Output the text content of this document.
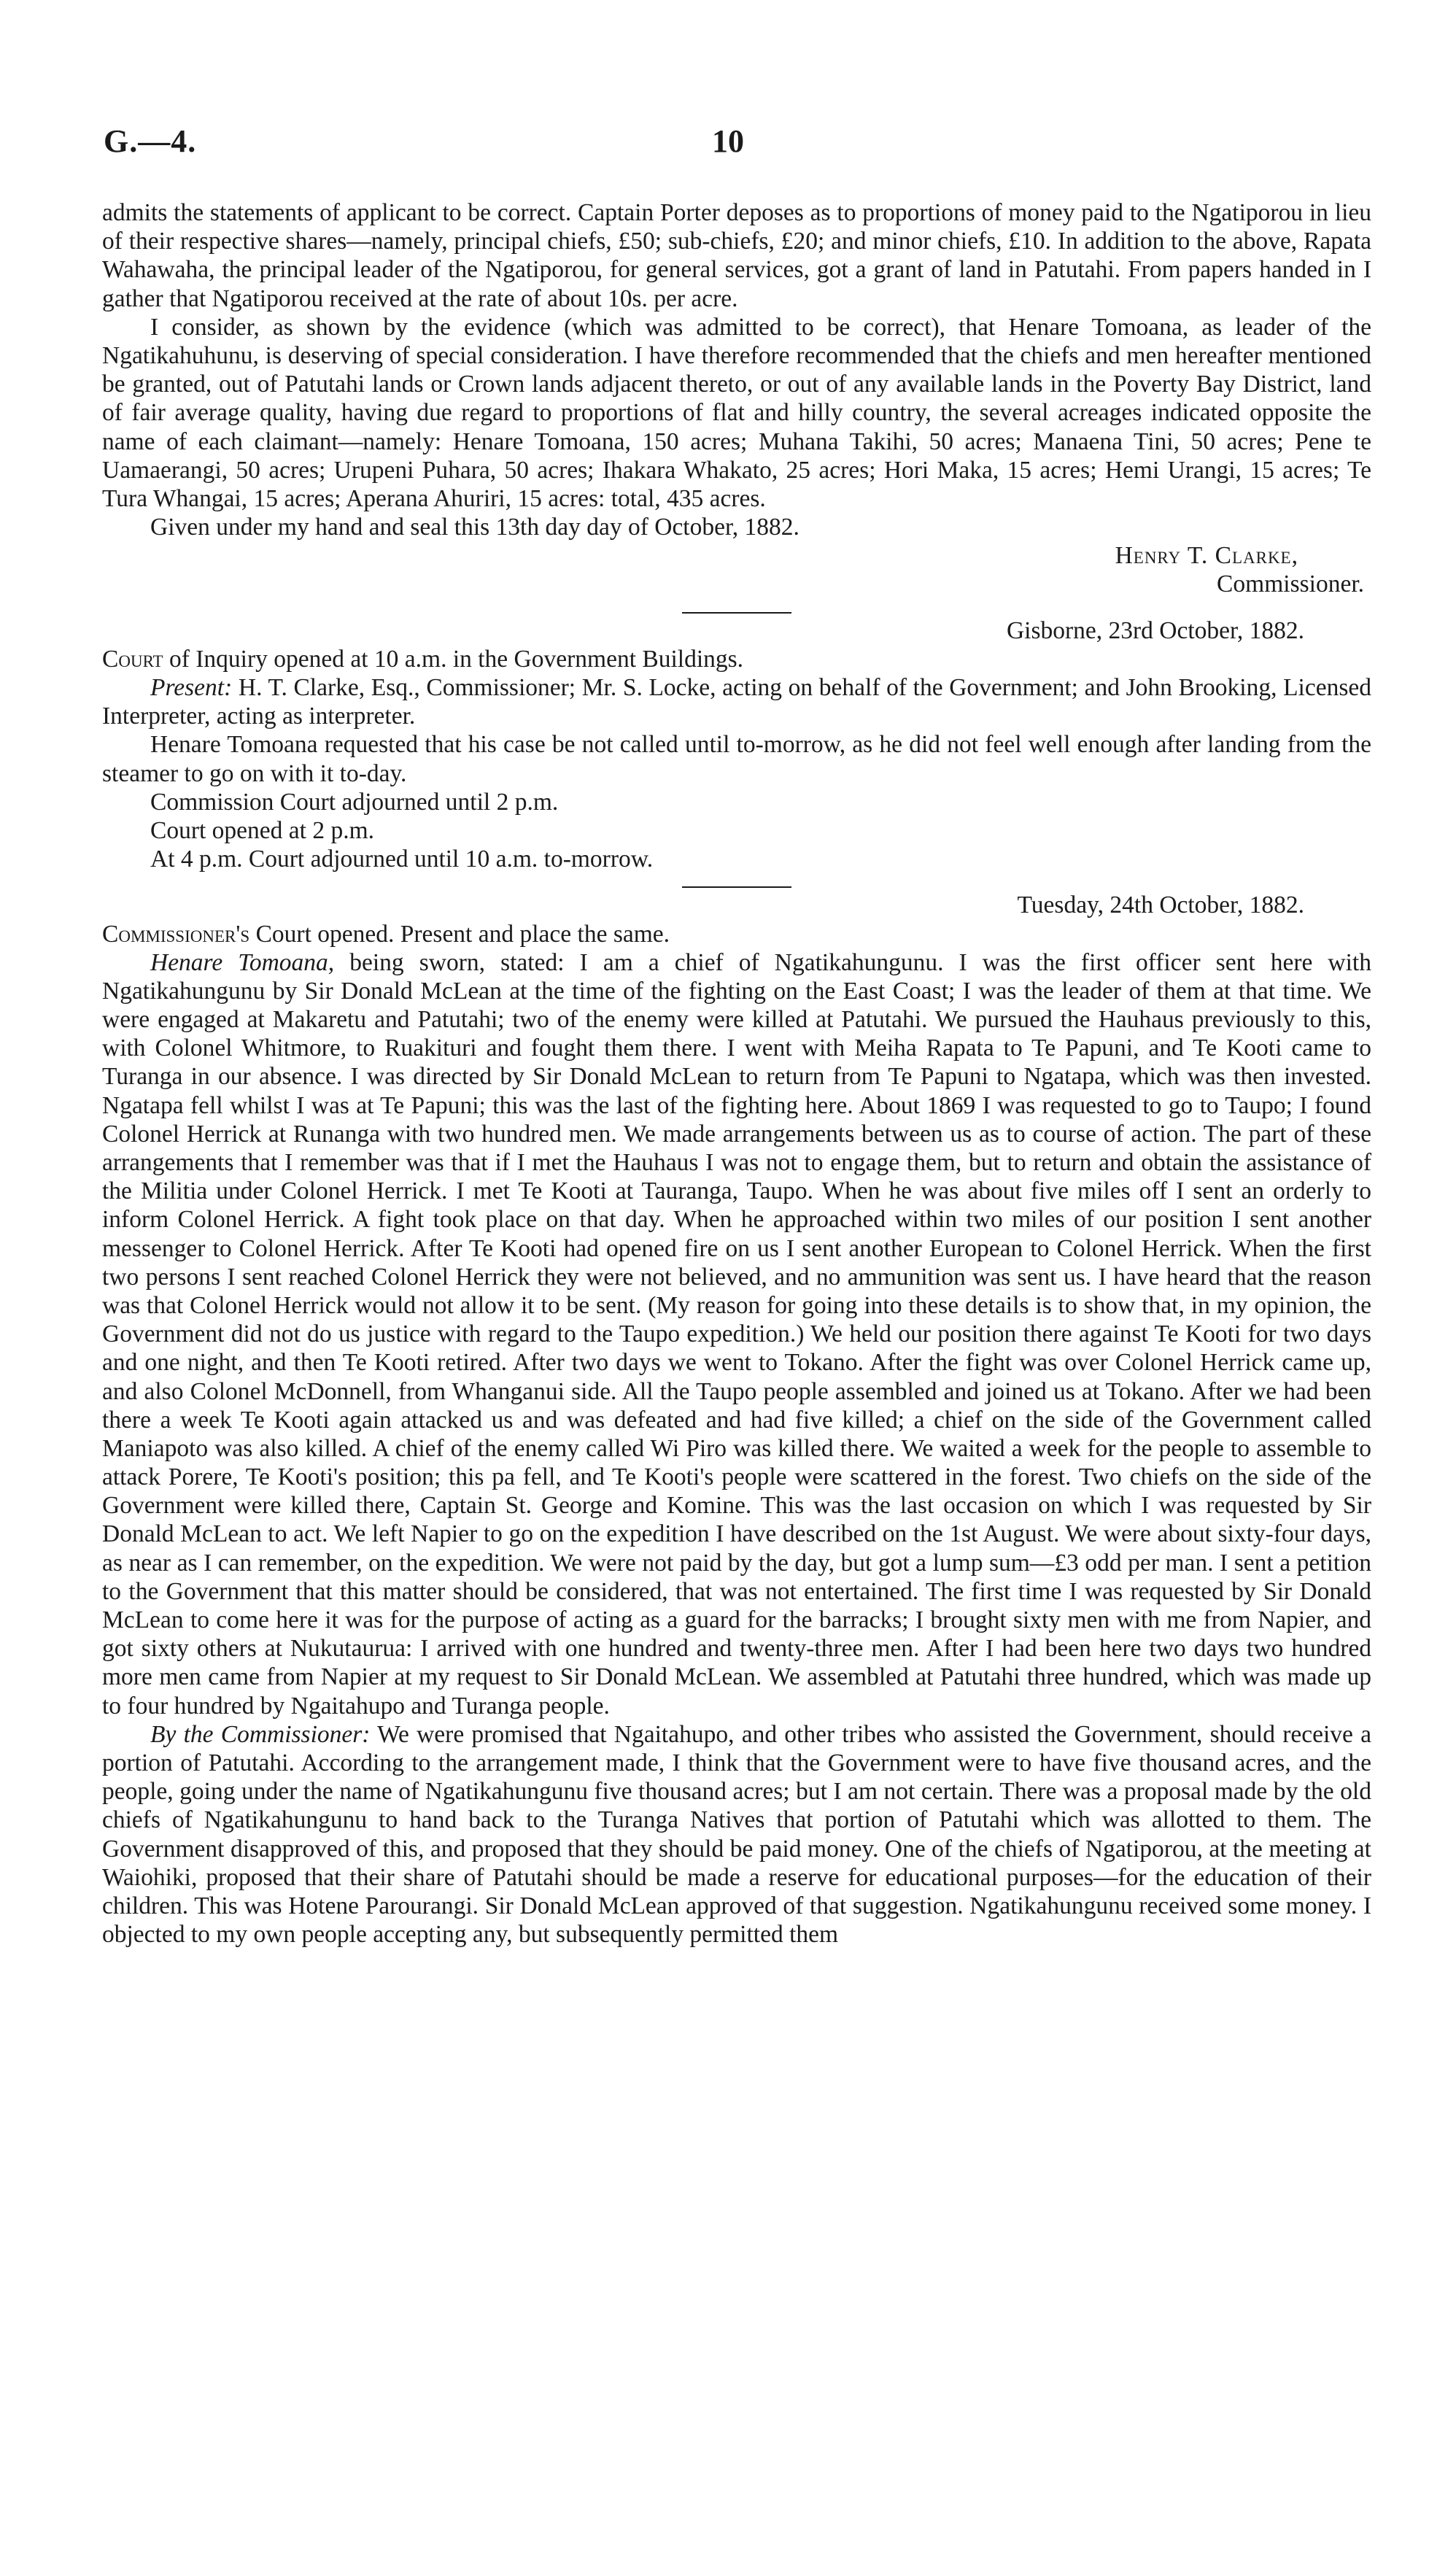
G.—4.	10

admits the statements of applicant to be correct. Captain Porter deposes as to proportions of money paid to the Ngatiporou in lieu of their respective shares—namely, principal chiefs, £50; sub-chiefs, £20; and minor chiefs, £10. In addition to the above, Rapata Wahawaha, the principal leader of the Ngatiporou, for general services, got a grant of land in Patutahi. From papers handed in I gather that Ngatiporou received at the rate of about 10s. per acre.

I consider, as shown by the evidence (which was admitted to be correct), that Henare Tomoana, as leader of the Ngatikahuhunu, is deserving of special consideration. I have therefore recommended that the chiefs and men hereafter mentioned be granted, out of Patutahi lands or Crown lands adjacent thereto, or out of any available lands in the Poverty Bay District, land of fair average quality, having due regard to proportions of flat and hilly country, the several acreages indicated opposite the name of each claimant—namely: Henare Tomoana, 150 acres; Muhana Takihi, 50 acres; Manaena Tini, 50 acres; Pene te Uamaerangi, 50 acres; Urupeni Puhara, 50 acres; Ihakara Whakato, 25 acres; Hori Maka, 15 acres; Hemi Urangi, 15 acres; Te Tura Whangai, 15 acres; Aperana Ahuriri, 15 acres: total, 435 acres.

Given under my hand and seal this 13th day day of October, 1882.

Henry T. Clarke,

Commissioner.

Gisborne, 23rd October, 1882.

Court of Inquiry opened at 10 a.m. in the Government Buildings.

Present: H. T. Clarke, Esq., Commissioner; Mr. S. Locke, acting on behalf of the Government; and John Brooking, Licensed Interpreter, acting as interpreter.

Henare Tomoana requested that his case be not called until to-morrow, as he did not feel well enough after landing from the steamer to go on with it to-day.

Commission Court adjourned until 2 p.m.

Court opened at 2 p.m.

At 4 p.m. Court adjourned until 10 a.m. to-morrow.

Tuesday, 24th October, 1882.

Commissioner's Court opened. Present and place the same.

Henare Tomoana, being sworn, stated: I am a chief of Ngatikahungunu. I was the first officer sent here with Ngatikahungunu by Sir Donald McLean at the time of the fighting on the East Coast; I was the leader of them at that time. We were engaged at Makaretu and Patutahi; two of the enemy were killed at Patutahi. We pursued the Hauhaus previously to this, with Colonel Whitmore, to Ruakituri and fought them there. I went with Meiha Rapata to Te Papuni, and Te Kooti came to Turanga in our absence. I was directed by Sir Donald McLean to return from Te Papuni to Ngatapa, which was then invested. Ngatapa fell whilst I was at Te Papuni; this was the last of the fighting here. About 1869 I was requested to go to Taupo; I found Colonel Herrick at Runanga with two hundred men. We made arrangements between us as to course of action. The part of these arrangements that I remember was that if I met the Hauhaus I was not to engage them, but to return and obtain the assistance of the Militia under Colonel Herrick. I met Te Kooti at Tauranga, Taupo. When he was about five miles off I sent an orderly to inform Colonel Herrick. A fight took place on that day. When he approached within two miles of our position I sent another messenger to Colonel Herrick. After Te Kooti had opened fire on us I sent another European to Colonel Herrick. When the first two persons I sent reached Colonel Herrick they were not believed, and no ammunition was sent us. I have heard that the reason was that Colonel Herrick would not allow it to be sent. (My reason for going into these details is to show that, in my opinion, the Government did not do us justice with regard to the Taupo expedition.) We held our position there against Te Kooti for two days and one night, and then Te Kooti retired. After two days we went to Tokano. After the fight was over Colonel Herrick came up, and also Colonel McDonnell, from Whanganui side. All the Taupo people assembled and joined us at Tokano. After we had been there a week Te Kooti again attacked us and was defeated and had five killed; a chief on the side of the Government called Maniapoto was also killed. A chief of the enemy called Wi Piro was killed there. We waited a week for the people to assemble to attack Porere, Te Kooti's position; this pa fell, and Te Kooti's people were scattered in the forest. Two chiefs on the side of the Government were killed there, Captain St. George and Komine. This was the last occasion on which I was requested by Sir Donald McLean to act. We left Napier to go on the expedition I have described on the 1st August. We were about sixty-four days, as near as I can remember, on the expedition. We were not paid by the day, but got a lump sum—£3 odd per man. I sent a petition to the Government that this matter should be considered, that was not entertained. The first time I was requested by Sir Donald McLean to come here it was for the purpose of acting as a guard for the barracks; I brought sixty men with me from Napier, and got sixty others at Nukutaurua: I arrived with one hundred and twenty-three men. After I had been here two days two hundred more men came from Napier at my request to Sir Donald McLean. We assembled at Patutahi three hundred, which was made up to four hundred by Ngaitahupo and Turanga people.

By the Commissioner: We were promised that Ngaitahupo, and other tribes who assisted the Government, should receive a portion of Patutahi. According to the arrangement made, I think that the Government were to have five thousand acres, and the people, going under the name of Ngatikahungunu five thousand acres; but I am not certain. There was a proposal made by the old chiefs of Ngatikahungunu to hand back to the Turanga Natives that portion of Patutahi which was allotted to them. The Government disapproved of this, and proposed that they should be paid money. One of the chiefs of Ngatiporou, at the meeting at Waiohiki, proposed that their share of Patutahi should be made a reserve for educational purposes—for the education of their children. This was Hotene Parourangi. Sir Donald McLean approved of that suggestion. Ngatikahungunu received some money. I objected to my own people accepting any, but subsequently permitted them
